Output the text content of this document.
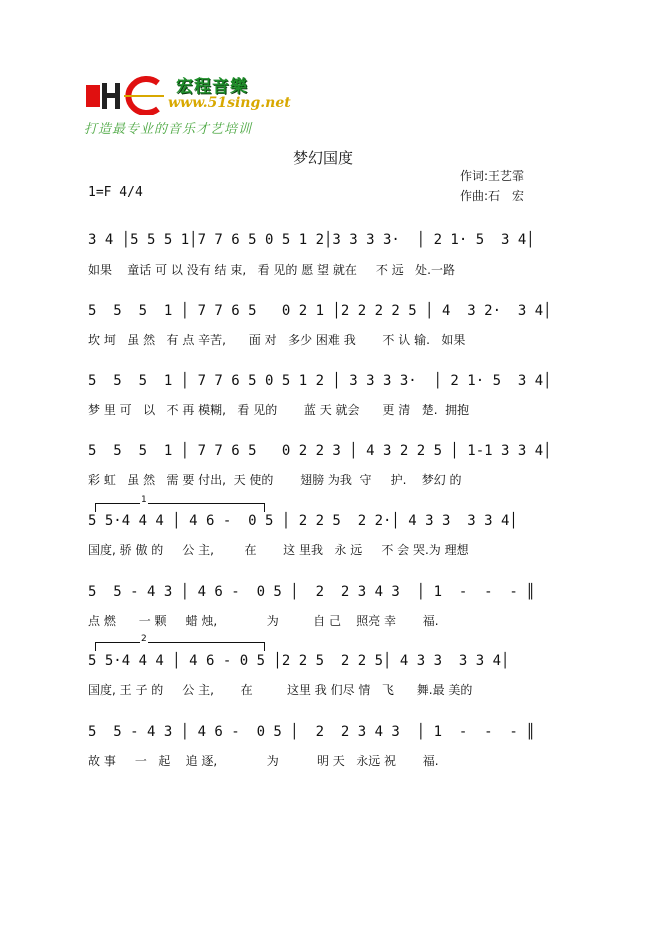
宏程音樂
www.51sing.net
打造最专业的音乐才艺培训
梦幻国度
作词:王艺霏
作曲:石　宏
1=F 4/4
1
2
3 4 │5 5 5 1│7 7 6 5 0 5 1 2│3 3 3 3·  │ 2 1· 5  3 4│
如果    童话 可 以 没有 结 束,   看 见的 愿 望 就在     不 远   处.一路
5  5  5  1 │ 7 7 6 5   0 2 1 │2 2 2 2 5 │ 4  3 2·  3 4│
坎 坷   虽 然   有 点 辛苦,      面 对   多少 困难 我       不 认 输.   如果
5  5  5  1 │ 7 7 6 5 0 5 1 2 │ 3 3 3 3·  │ 2 1· 5  3 4│
梦 里 可   以   不 再 模糊,   看 见的       蓝 天 就会      更 清   楚.  拥抱
5  5  5  1 │ 7 7 6 5   0 2 2 3 │ 4 3 2 2 5 │ 1-1 3 3 4│
彩 虹   虽 然   需 要 付出,  天 使的       翅膀 为我  守     护.    梦幻 的
5 5·4 4 4 │ 4 6 -  0 5 │ 2 2 5  2 2·│ 4 3 3  3 3 4│
国度, 骄 傲 的     公 主,        在       这 里我   永 远     不 会 哭.为 理想
5  5 - 4 3 │ 4 6 -  0 5 │  2  2 3 4 3  │ 1  -  -  - ║
点 燃      一 颗     蜡 烛,             为         自 己    照亮 幸       福.
5 5·4 4 4 │ 4 6 - 0 5 │2 2 5  2 2 5│ 4 3 3  3 3 4│
国度, 王 子 的     公 主,       在         这里 我 们尽 情   飞      舞.最 美的
5  5 - 4 3 │ 4 6 -  0 5 │  2  2 3 4 3  │ 1  -  -  - ║
故 事     一   起    追 逐,             为          明 天   永远 祝       福.
